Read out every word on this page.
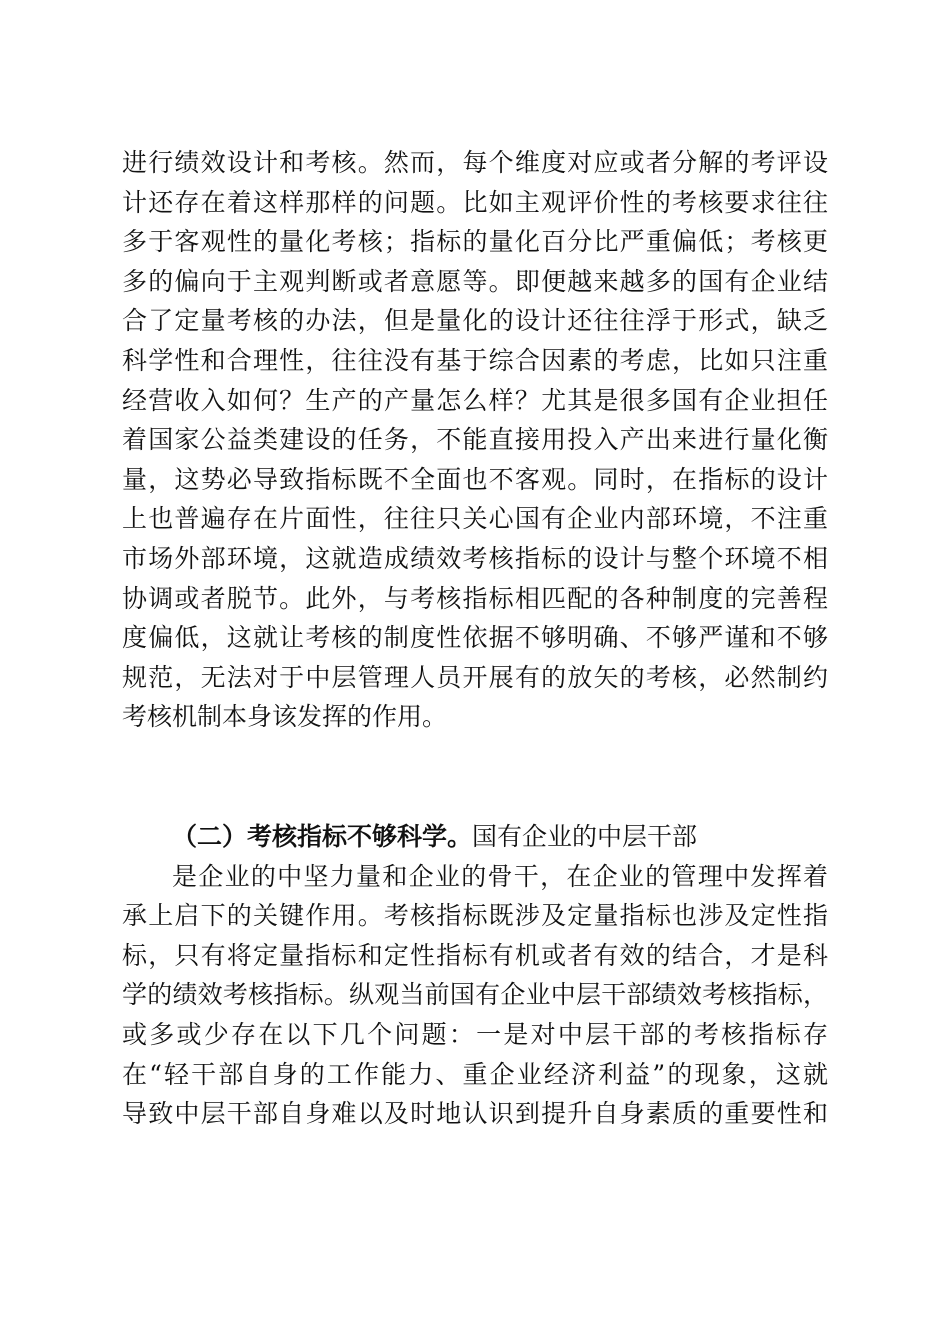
进行绩效设计和考核。然而，每个维度对应或者分解的考评设
计还存在着这样那样的问题。比如主观评价性的考核要求往往
多于客观性的量化考核；指标的量化百分比严重偏低；考核更
多的偏向于主观判断或者意愿等。即便越来越多的国有企业结
合了定量考核的办法，但是量化的设计还往往浮于形式，缺乏
科学性和合理性，往往没有基于综合因素的考虑，比如只注重
经营收入如何？生产的产量怎么样？尤其是很多国有企业担任
着国家公益类建设的任务，不能直接用投入产出来进行量化衡
量，这势必导致指标既不全面也不客观。同时，在指标的设计
上也普遍存在片面性，往往只关心国有企业内部环境，不注重
市场外部环境，这就造成绩效考核指标的设计与整个环境不相
协调或者脱节。此外，与考核指标相匹配的各种制度的完善程
度偏低，这就让考核的制度性依据不够明确、不够严谨和不够
规范，无法对于中层管理人员开展有的放矢的考核，必然制约
考核机制本身该发挥的作用。
（二）考核指标不够科学。国有企业的中层干部
是企业的中坚力量和企业的骨干，在企业的管理中发挥着
承上启下的关键作用。考核指标既涉及定量指标也涉及定性指
标，只有将定量指标和定性指标有机或者有效的结合，才是科
学的绩效考核指标。纵观当前国有企业中层干部绩效考核指标，
或多或少存在以下几个问题：一是对中层干部的考核指标存
在“轻干部自身的工作能力、重企业经济利益”的现象，这就
导致中层干部自身难以及时地认识到提升自身素质的重要性和
